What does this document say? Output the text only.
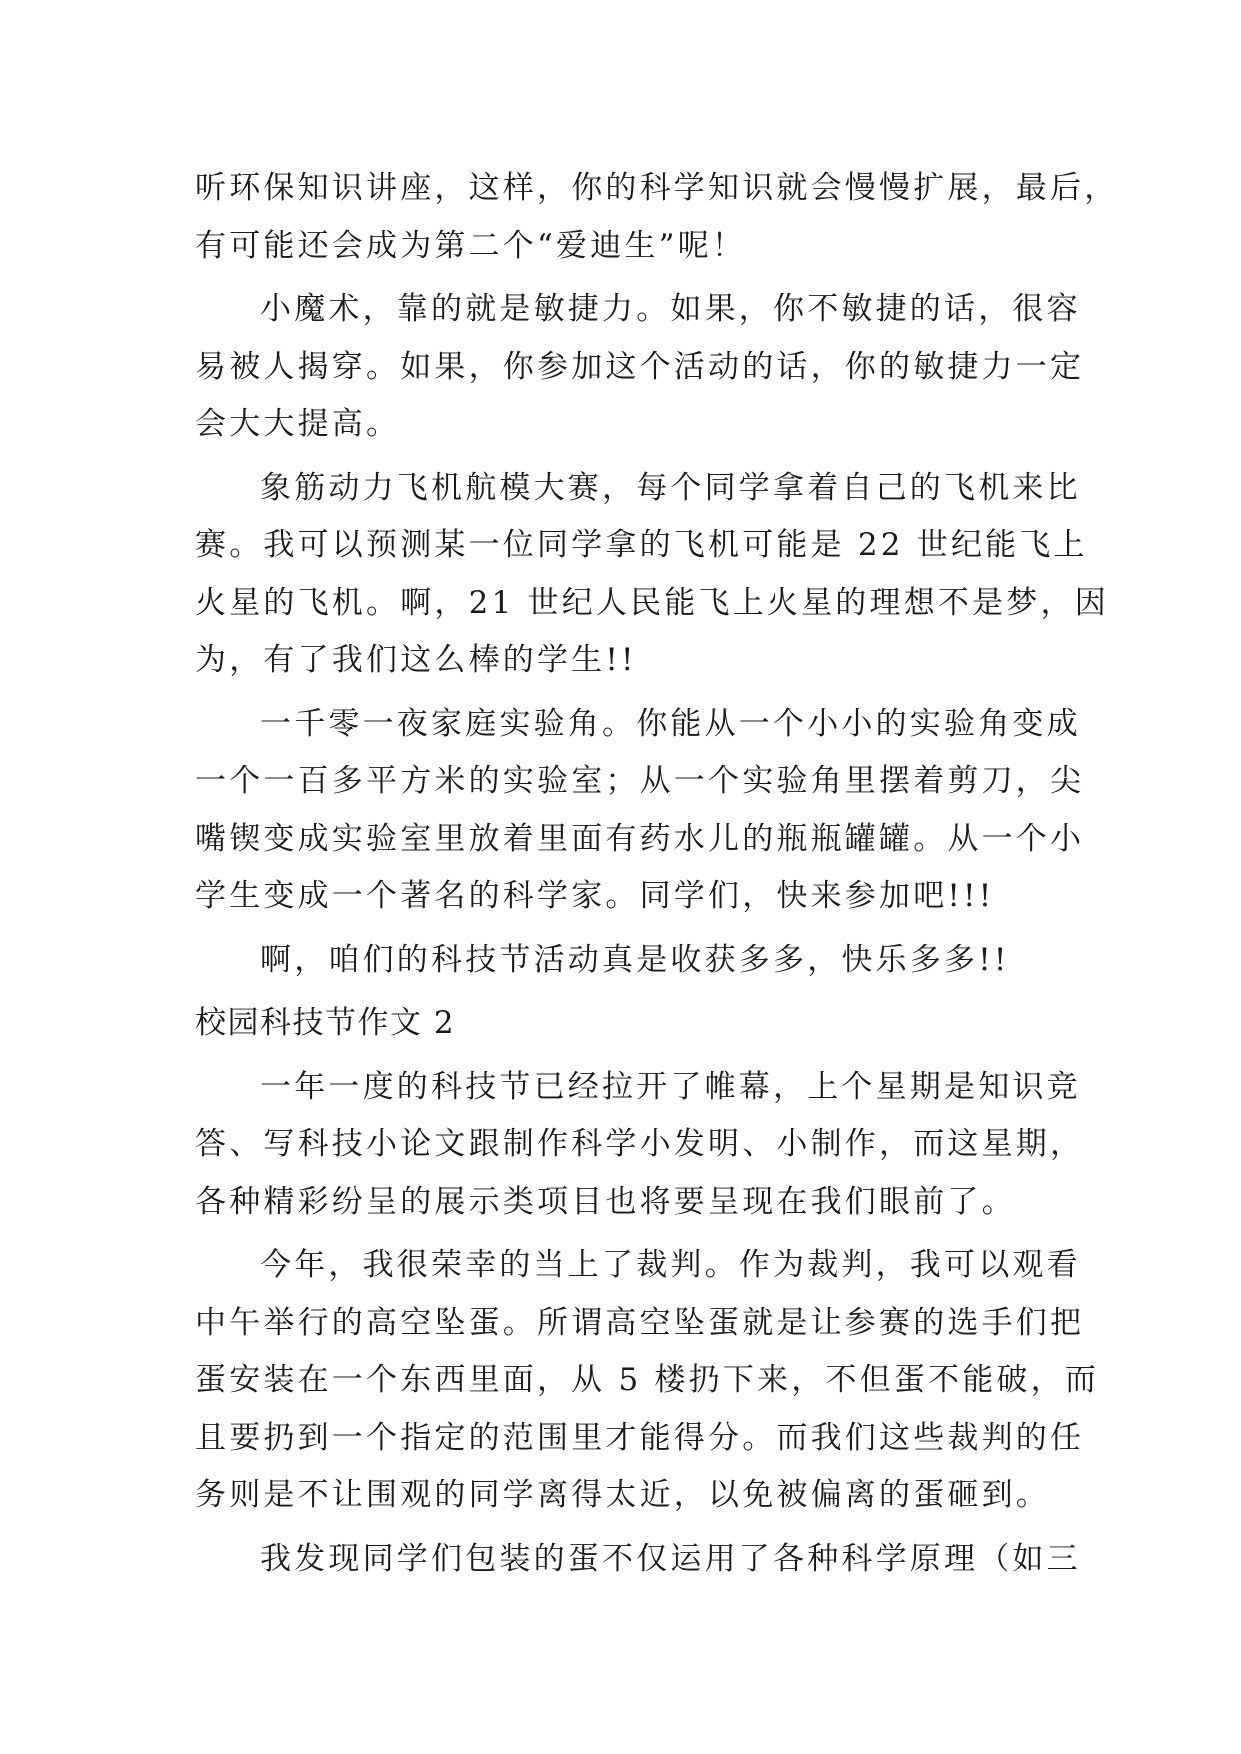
听环保知识讲座，这样，你的科学知识就会慢慢扩展，最后，
有可能还会成为第二个“爱迪生”呢！
小魔术，靠的就是敏捷力。如果，你不敏捷的话，很容
易被人揭穿。如果，你参加这个活动的话，你的敏捷力一定
会大大提高。
象筋动力飞机航模大赛，每个同学拿着自己的飞机来比
赛。我可以预测某一位同学拿的飞机可能是 22 世纪能飞上
火星的飞机。啊，21 世纪人民能飞上火星的理想不是梦，因
为，有了我们这么棒的学生!!
一千零一夜家庭实验角。你能从一个小小的实验角变成
一个一百多平方米的实验室；从一个实验角里摆着剪刀，尖
嘴锲变成实验室里放着里面有药水儿的瓶瓶罐罐。从一个小
学生变成一个著名的科学家。同学们，快来参加吧!!!
啊，咱们的科技节活动真是收获多多，快乐多多!!
校园科技节作文 2
一年一度的科技节已经拉开了帷幕，上个星期是知识竞
答、写科技小论文跟制作科学小发明、小制作，而这星期，
各种精彩纷呈的展示类项目也将要呈现在我们眼前了。
今年，我很荣幸的当上了裁判。作为裁判，我可以观看
中午举行的高空坠蛋。所谓高空坠蛋就是让参赛的选手们把
蛋安装在一个东西里面，从 5 楼扔下来，不但蛋不能破，而
且要扔到一个指定的范围里才能得分。而我们这些裁判的任
务则是不让围观的同学离得太近，以免被偏离的蛋砸到。
我发现同学们包装的蛋不仅运用了各种科学原理（如三
